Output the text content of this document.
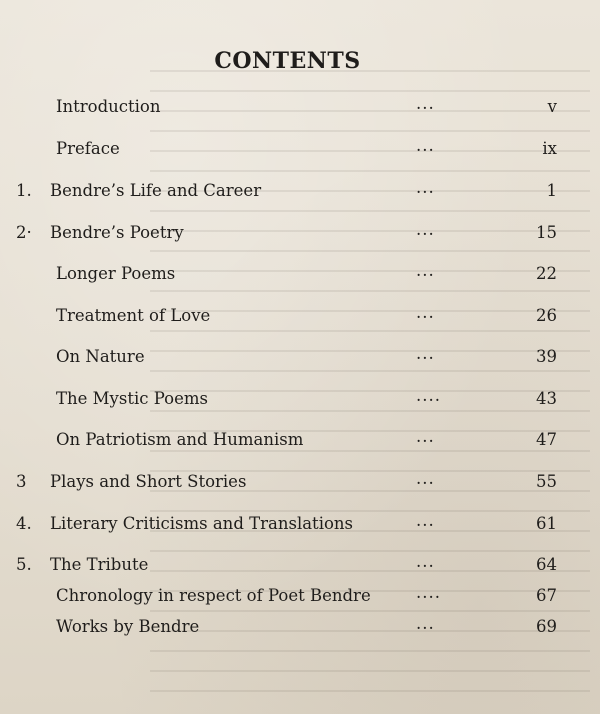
CONTENTS
Introduction	...	v
Preface	...	ix
1. Bendre’s Life and Career	...	1
2· Bendre’s Poetry	...	15
Longer Poems	...	22
Treatment of Love	...	26
On Nature	...	39
The Mystic Poems	....	43
On Patriotism and Humanism	...	47
3 Plays and Short Stories	...	55
4. Literary Criticisms and Translations	...	61
5. The Tribute	...	64
Chronology in respect of Poet Bendre	....	67
Works by Bendre	...	69
